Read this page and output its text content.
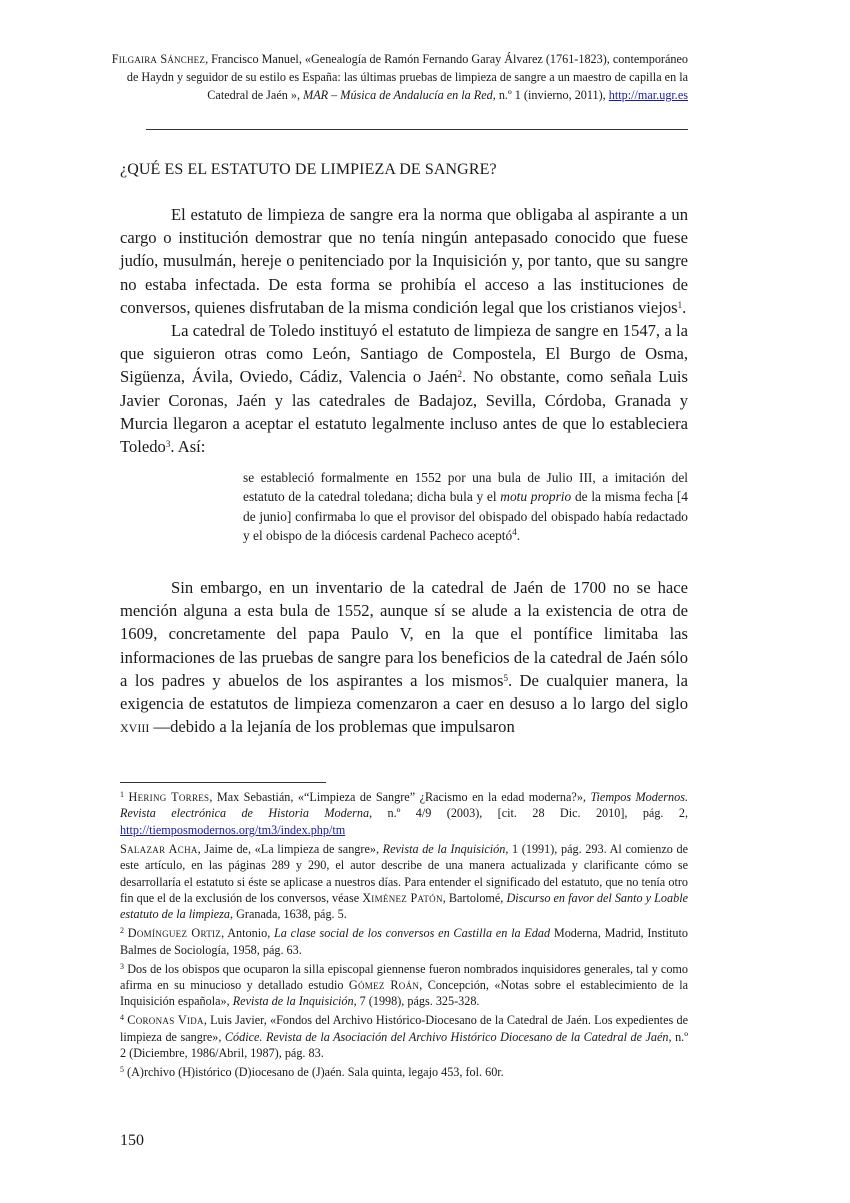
Filgaira Sánchez, Francisco Manuel, «Genealogía de Ramón Fernando Garay Álvarez (1761-1823), contemporáneo de Haydn y seguidor de su estilo es España: las últimas pruebas de limpieza de sangre a un maestro de capilla en la Catedral de Jaén », MAR – Música de Andalucía en la Red, n.º 1 (invierno, 2011), http://mar.ugr.es
¿QUÉ ES EL ESTATUTO DE LIMPIEZA DE SANGRE?

El estatuto de limpieza de sangre era la norma que obligaba al aspirante a un cargo o institución demostrar que no tenía ningún antepasado conocido que fuese judío, musulmán, hereje o penitenciado por la Inquisición y, por tanto, que su sangre no estaba infectada. De esta forma se prohibía el acceso a las instituciones de conversos, quienes disfrutaban de la misma condición legal que los cristianos viejos$^1$.

La catedral de Toledo instituyó el estatuto de limpieza de sangre en 1547, a la que siguieron otras como León, Santiago de Compostela, El Burgo de Osma, Sigüenza, Ávila, Oviedo, Cádiz, Valencia o Jaén$^2$. No obstante, como señala Luis Javier Coronas, Jaén y las catedrales de Badajoz, Sevilla, Córdoba, Granada y Murcia llegaron a aceptar el estatuto legalmente incluso antes de que lo estableciera Toledo$^3$. Así:

se estableció formalmente en 1552 por una bula de Julio III, a imitación del estatuto de la catedral toledana; dicha bula y el motu proprio de la misma fecha [4 de junio] confirmaba lo que el provisor del obispado del obispado había redactado y el obispo de la diócesis cardenal Pacheco aceptó$^4$.

Sin embargo, en un inventario de la catedral de Jaén de 1700 no se hace mención alguna a esta bula de 1552, aunque sí se alude a la existencia de otra de 1609, concretamente del papa Paulo V, en la que el pontífice limitaba las informaciones de las pruebas de sangre para los beneficios de la catedral de Jaén sólo a los padres y abuelos de los aspirantes a los mismos$^5$. De cualquier manera, la exigencia de estatutos de limpieza comenzaron a caer en desuso a lo largo del siglo xviii —debido a la lejanía de los problemas que impulsaron

$^1$ Hering Torres, Max Sebastián, «“Limpieza de Sangre” ¿Racismo en la edad moderna?», Tiempos Modernos. Revista electrónica de Historia Moderna, n.º 4/9 (2003), [cit. 28 Dic. 2010], pág. 2, http://tiemposmodernos.org/tm3/index.php/tm

Salazar Acha, Jaime de, «La limpieza de sangre», Revista de la Inquisición, 1 (1991), pág. 293. Al comienzo de este artículo, en las páginas 289 y 290, el autor describe de una manera actualizada y clarificante cómo se desarrollaría el estatuto si éste se aplicase a nuestros días. Para entender el significado del estatuto, que no tenía otro fin que el de la exclusión de los conversos, véase Ximénez Patón, Bartolomé, Discurso en favor del Santo y Loable estatuto de la limpieza, Granada, 1638, pág. 5.

$^2$ Domínguez Ortiz, Antonio, La clase social de los conversos en Castilla en la Edad Moderna, Madrid, Instituto Balmes de Sociología, 1958, pág. 63.

$^3$ Dos de los obispos que ocuparon la silla episcopal giennense fueron nombrados inquisidores generales, tal y como afirma en su minucioso y detallado estudio Gómez Roán, Concepción, «Notas sobre el establecimiento de la Inquisición española», Revista de la Inquisición, 7 (1998), págs. 325-328.

$^4$ Coronas Vida, Luis Javier, «Fondos del Archivo Histórico-Diocesano de la Catedral de Jaén. Los expedientes de limpieza de sangre», Códice. Revista de la Asociación del Archivo Histórico Diocesano de la Catedral de Jaén, n.º 2 (Diciembre, 1986/Abril, 1987), pág. 83.

$^5$ (A)rchivo (H)istórico (D)iocesano de (J)aén. Sala quinta, legajo 453, fol. 60r.

150
